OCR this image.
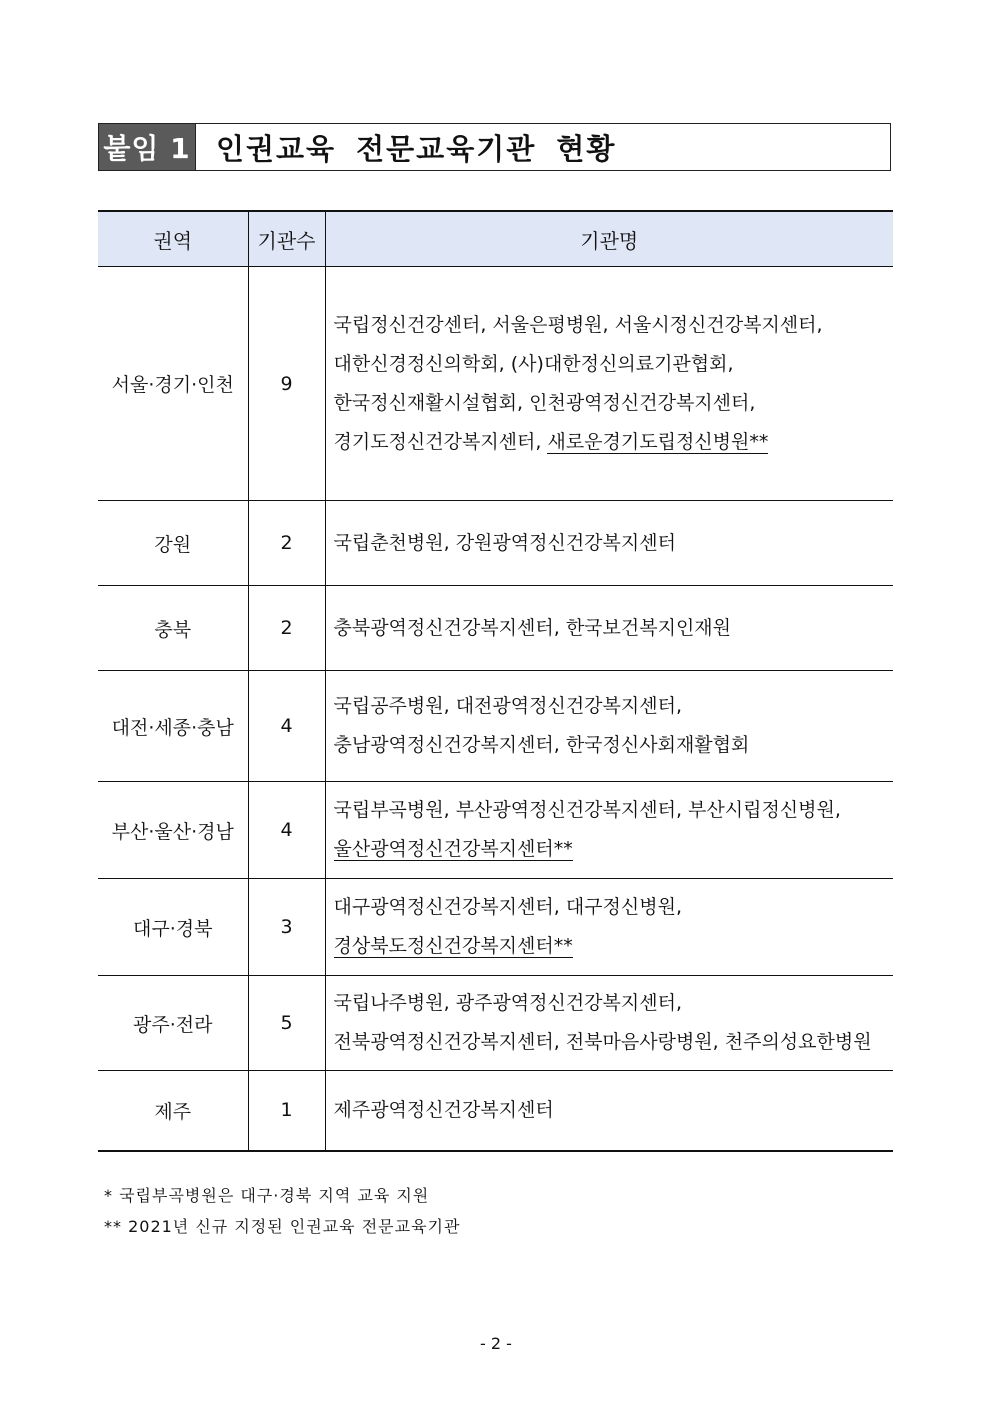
붙임 1 인권교육 전문교육기관 현황
권역	기관수	기관명
서울·경기·인천	9	국립정신건강센터, 서울은평병원, 서울시정신건강복지센터,
대한신경정신의학회, (사)대한정신의료기관협회,
한국정신재활시설협회, 인천광역정신건강복지센터,
경기도정신건강복지센터, 새로운경기도립정신병원**

강원	2	국립춘천병원, 강원광역정신건강복지센터

충북	2	충북광역정신건강복지센터, 한국보건복지인재원

대전·세종·충남	4	국립공주병원, 대전광역정신건강복지센터,
충남광역정신건강복지센터, 한국정신사회재활협회

부산·울산·경남	4	국립부곡병원, 부산광역정신건강복지센터, 부산시립정신병원,
울산광역정신건강복지센터**

대구·경북	3	대구광역정신건강복지센터, 대구정신병원,
경상북도정신건강복지센터**

광주·전라	5	국립나주병원, 광주광역정신건강복지센터,
전북광역정신건강복지센터, 전북마음사랑병원, 천주의성요한병원

제주	1	제주광역정신건강복지센터
* 국립부곡병원은 대구·경북 지역 교육 지원
** 2021년 신규 지정된 인권교육 전문교육기관
- 2 -
